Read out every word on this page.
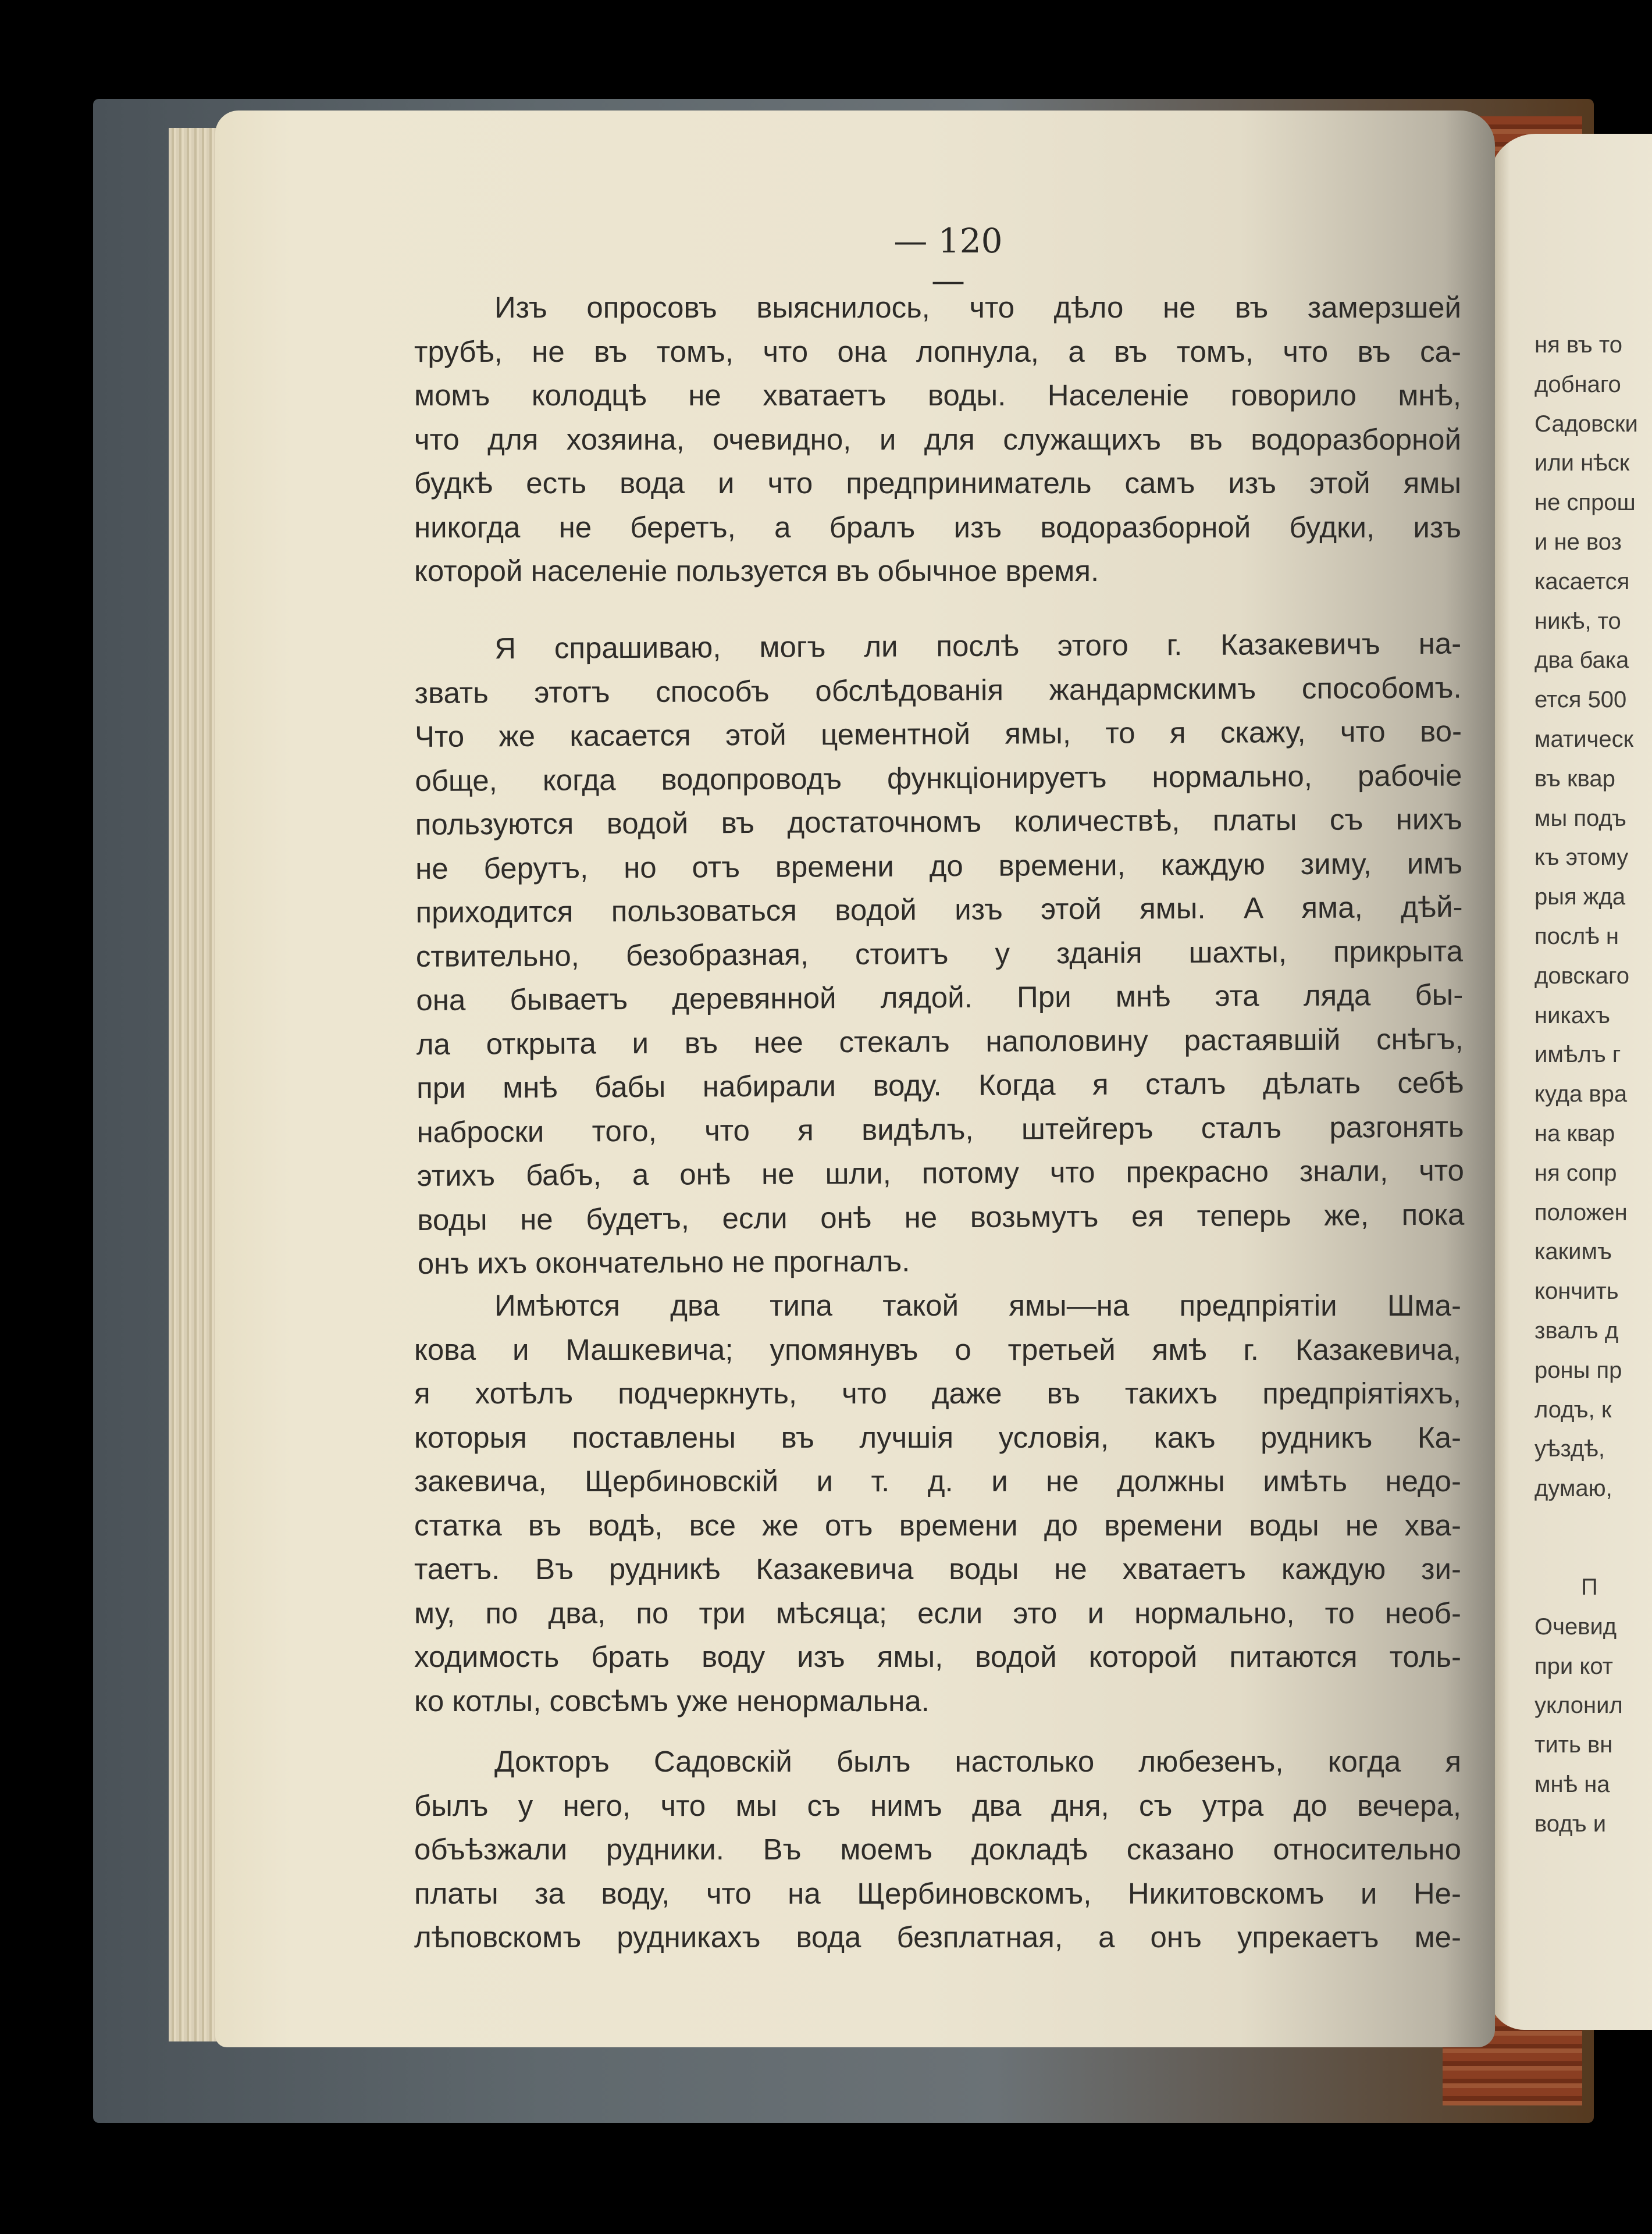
ня въ то
добнаго
Садовски
или нѣск
не спрош
и не воз
касается
никѣ, то
два бака
ется 500
матическ
въ квар
мы подъ
къ этому
рыя жда
послѣ н
довскаго
никахъ
имѣлъ г
куда вра
на квар
ня сопр
положен
какимъ
кончить
звалъ д
роны пр
лодъ, к
уѣздѣ,
думаю,
П
Очевид
при кот
уклонил
тить вн
мнѣ на
водъ и
— 120 —
Изъ опросовъ выяснилось, что дѣло не въ замерзшей
трубѣ, не въ томъ, что она лопнула, а въ томъ, что въ са-
момъ колодцѣ не хватаетъ воды. Населеніе говорило мнѣ,
что для хозяина, очевидно, и для служащихъ въ водоразборной
будкѣ есть вода и что предприниматель самъ изъ этой ямы
никогда не беретъ, а бралъ изъ водоразборной будки, изъ
которой населеніе пользуется въ обычное время.
Я спрашиваю, могъ ли послѣ этого г. Казакевичъ на-
звать этотъ способъ обслѣдованія жандармскимъ способомъ.
Что же касается этой цементной ямы, то я скажу, что во-
обще, когда водопроводъ функціонируетъ нормально, рабочіе
пользуются водой въ достаточномъ количествѣ, платы съ нихъ
не берутъ, но отъ времени до времени, каждую зиму, имъ
приходится пользоваться водой изъ этой ямы. А яма, дѣй-
ствительно, безобразная, стоитъ у зданія шахты, прикрыта
она бываетъ деревянной лядой. При мнѣ эта ляда бы-
ла открыта и въ нее стекалъ наполовину растаявшій снѣгъ,
при мнѣ бабы набирали воду. Когда я сталъ дѣлать себѣ
наброски того, что я видѣлъ, штейгеръ сталъ разгонять
этихъ бабъ, а онѣ не шли, потому что прекрасно знали, что
воды не будетъ, если онѣ не возьмутъ ея теперь же, пока
онъ ихъ окончательно не прогналъ.
Имѣются два типа такой ямы—на предпріятіи Шма-
кова и Машкевича; упомянувъ о третьей ямѣ г. Казакевича,
я хотѣлъ подчеркнуть, что даже въ такихъ предпріятіяхъ,
которыя поставлены въ лучшія условія, какъ рудникъ Ка-
закевича, Щербиновскій и т. д. и не должны имѣть недо-
статка въ водѣ, все же отъ времени до времени воды не хва-
таетъ. Въ рудникѣ Казакевича воды не хватаетъ каждую зи-
му, по два, по три мѣсяца; если это и нормально, то необ-
ходимость брать воду изъ ямы, водой которой питаются толь-
ко котлы, совсѣмъ уже ненормальна.
Докторъ Садовскій былъ настолько любезенъ, когда я
былъ у него, что мы съ нимъ два дня, съ утра до вечера,
объѣзжали рудники. Въ моемъ докладѣ сказано относительно
платы за воду, что на Щербиновскомъ, Никитовскомъ и Не-
лѣповскомъ рудникахъ вода безплатная, а онъ упрекаетъ ме-
